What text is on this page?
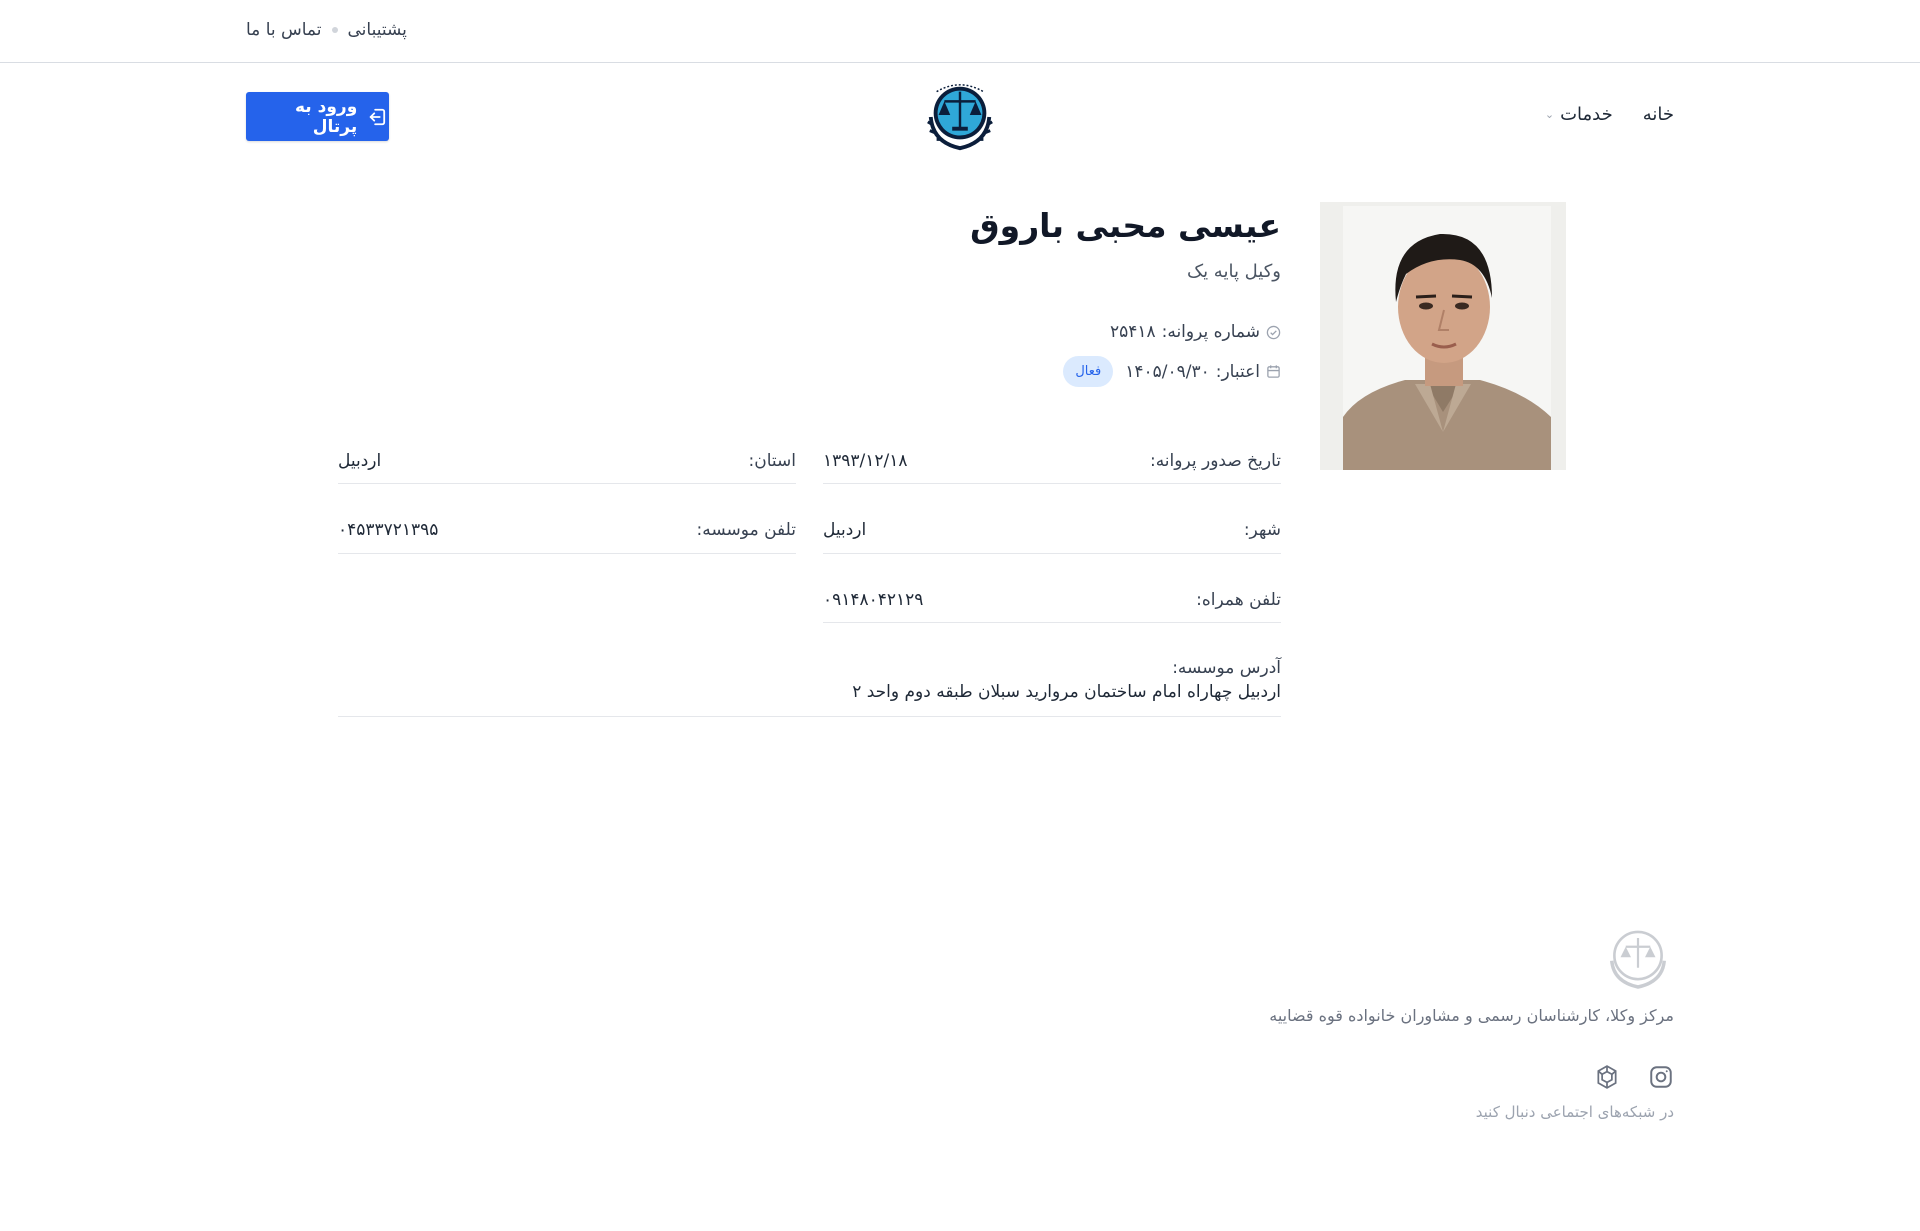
پشتیبانی
تماس با ما
ورود به پرتال
خانه
خدمات
⌄
عیسی محبی باروق
وکیل پایه یک
شماره پروانه:
۲۵۴۱۸
اعتبار:
۱۴۰۵/۰۹/۳۰
فعال
تاریخ صدور پروانه:
۱۳۹۳/۱۲/۱۸
شهر:
اردبیل
تلفن همراه:
۰۹۱۴۸۰۴۲۱۲۹
استان:
اردبیل
تلفن موسسه:
۰۴۵۳۳۷۲۱۳۹۵
آدرس موسسه:
اردبیل چهاراه امام ساختمان مروارید سبلان طبقه دوم واحد ۲
مرکز وکلا، کارشناسان رسمی و مشاوران خانواده قوه قضاییه
در شبکه‌های اجتماعی دنبال کنید
